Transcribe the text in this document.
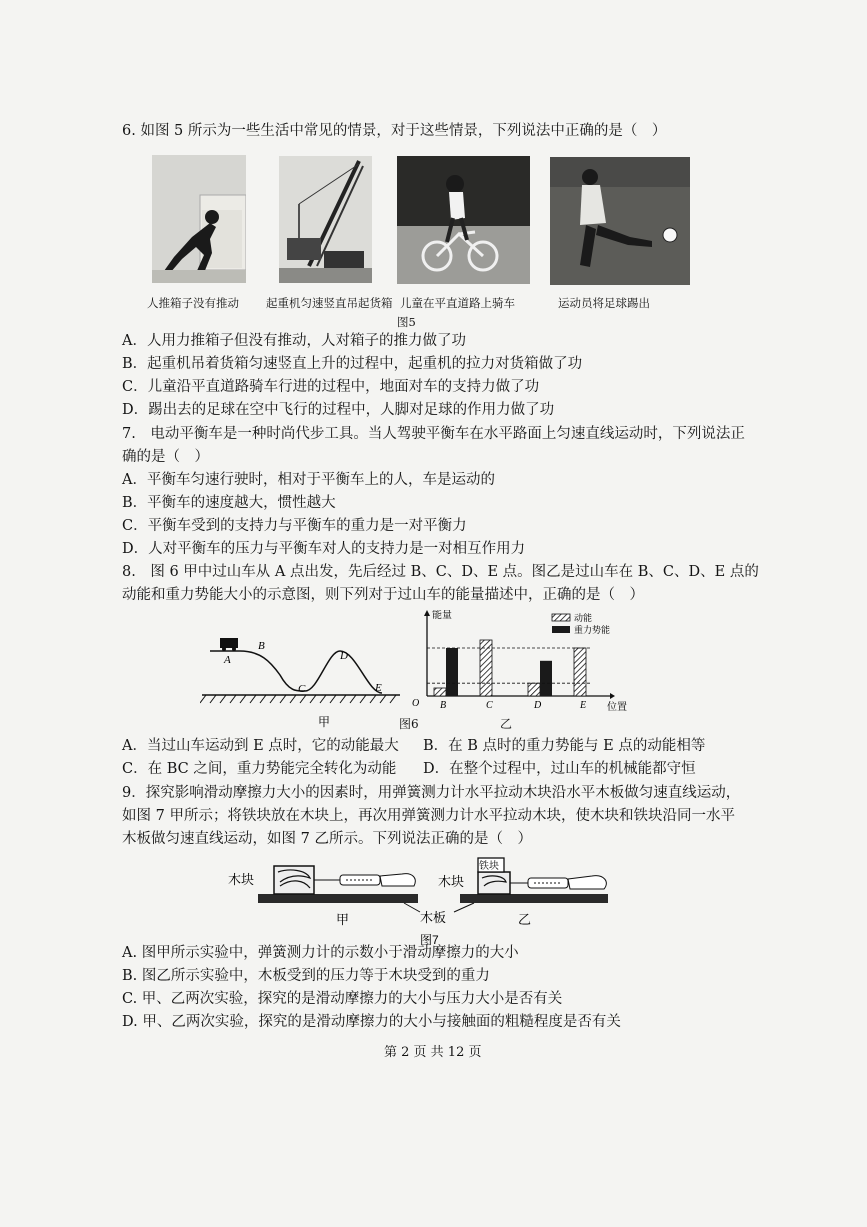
6. 如图 5 所示为一些生活中常见的情景，对于这些情景，下列说法中正确的是（　）
人推箱子没有推动 起重机匀速竖直吊起货箱 儿童在平直道路上骑车	运动员将足球踢出
图5
A．人用力推箱子但没有推动，人对箱子的推力做了功
B．起重机吊着货箱匀速竖直上升的过程中，起重机的拉力对货箱做了功
C．儿童沿平直道路骑车行进的过程中，地面对车的支持力做了功
D．踢出去的足球在空中飞行的过程中，人脚对足球的作用力做了功
7.　电动平衡车是一种时尚代步工具。当人驾驶平衡车在水平路面上匀速直线运动时，下列说法正
确的是（　）
A．平衡车匀速行驶时，相对于平衡车上的人，车是运动的
B．平衡车的速度越大，惯性越大
C．平衡车受到的支持力与平衡车的重力是一对平衡力
D．人对平衡车的压力与平衡车对人的支持力是一对相互作用力
8.　图 6 甲中过山车从 A 点出发，先后经过 B、C、D、E 点。图乙是过山车在 B、C、D、E 点的
动能和重力势能大小的示意图，则下列对于过山车的能量描述中，正确的是（　）
A
B
C
D
E
甲	图6	乙
O
能量
位置
B	C	D	E
动能
重力势能
A．当过山车运动到 E 点时，它的动能最大 B．在 B 点时的重力势能与 E 点的动能相等
C．在 BC 之间，重力势能完全转化为动能 D．在整个过程中，过山车的机械能都守恒
9．探究影响滑动摩擦力大小的因素时，用弹簧测力计水平拉动木块沿水平木板做匀速直线运动，
如图 7 甲所示；将铁块放在木块上，再次用弹簧测力计水平拉动木块，使木块和铁块沿同一水平
木板做匀速直线运动，如图 7 乙所示。下列说法正确的是（　）
木块
甲
铁块
木块
乙
木板
图7
A. 图甲所示实验中，弹簧测力计的示数小于滑动摩擦力的大小
B. 图乙所示实验中，木板受到的压力等于木块受到的重力
C. 甲、乙两次实验，探究的是滑动摩擦力的大小与压力大小是否有关
D. 甲、乙两次实验，探究的是滑动摩擦力的大小与接触面的粗糙程度是否有关
第 2 页 共 12 页
